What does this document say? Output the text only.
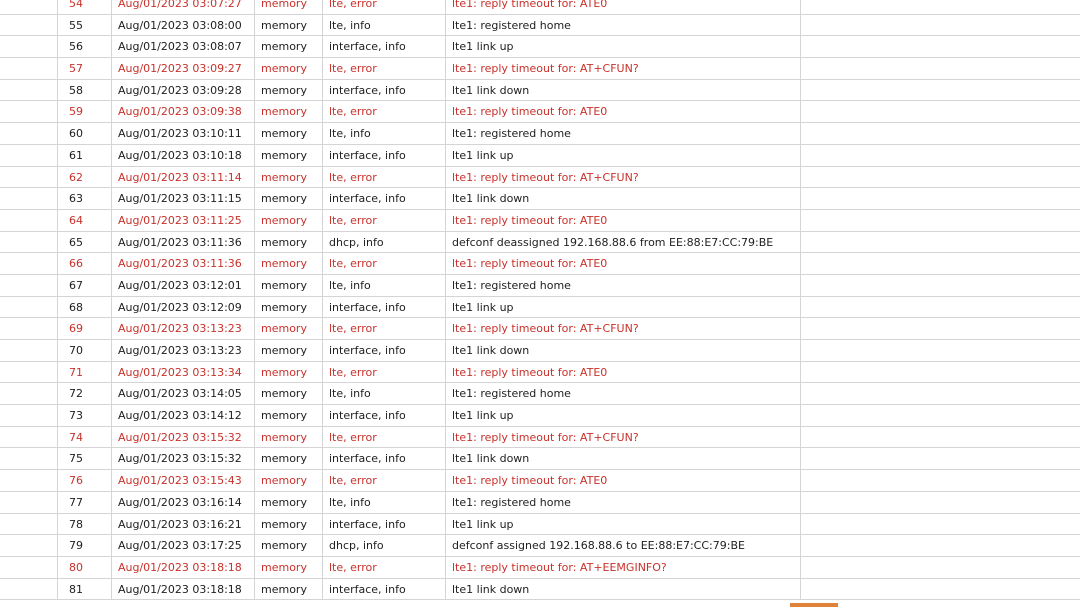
54	Aug/01/2023 03:07:27	memory	lte, error	lte1: reply timeout for: ATE0
55	Aug/01/2023 03:08:00	memory	lte, info	lte1: registered home
56	Aug/01/2023 03:08:07	memory	interface, info	lte1 link up
57	Aug/01/2023 03:09:27	memory	lte, error	lte1: reply timeout for: AT+CFUN?
58	Aug/01/2023 03:09:28	memory	interface, info	lte1 link down
59	Aug/01/2023 03:09:38	memory	lte, error	lte1: reply timeout for: ATE0
60	Aug/01/2023 03:10:11	memory	lte, info	lte1: registered home
61	Aug/01/2023 03:10:18	memory	interface, info	lte1 link up
62	Aug/01/2023 03:11:14	memory	lte, error	lte1: reply timeout for: AT+CFUN?
63	Aug/01/2023 03:11:15	memory	interface, info	lte1 link down
64	Aug/01/2023 03:11:25	memory	lte, error	lte1: reply timeout for: ATE0
65	Aug/01/2023 03:11:36	memory	dhcp, info	defconf deassigned 192.168.88.6 from EE:88:E7:CC:79:BE
66	Aug/01/2023 03:11:36	memory	lte, error	lte1: reply timeout for: ATE0
67	Aug/01/2023 03:12:01	memory	lte, info	lte1: registered home
68	Aug/01/2023 03:12:09	memory	interface, info	lte1 link up
69	Aug/01/2023 03:13:23	memory	lte, error	lte1: reply timeout for: AT+CFUN?
70	Aug/01/2023 03:13:23	memory	interface, info	lte1 link down
71	Aug/01/2023 03:13:34	memory	lte, error	lte1: reply timeout for: ATE0
72	Aug/01/2023 03:14:05	memory	lte, info	lte1: registered home
73	Aug/01/2023 03:14:12	memory	interface, info	lte1 link up
74	Aug/01/2023 03:15:32	memory	lte, error	lte1: reply timeout for: AT+CFUN?
75	Aug/01/2023 03:15:32	memory	interface, info	lte1 link down
76	Aug/01/2023 03:15:43	memory	lte, error	lte1: reply timeout for: ATE0
77	Aug/01/2023 03:16:14	memory	lte, info	lte1: registered home
78	Aug/01/2023 03:16:21	memory	interface, info	lte1 link up
79	Aug/01/2023 03:17:25	memory	dhcp, info	defconf assigned 192.168.88.6 to EE:88:E7:CC:79:BE
80	Aug/01/2023 03:18:18	memory	lte, error	lte1: reply timeout for: AT+EEMGINFO?
81	Aug/01/2023 03:18:18	memory	interface, info	lte1 link down
